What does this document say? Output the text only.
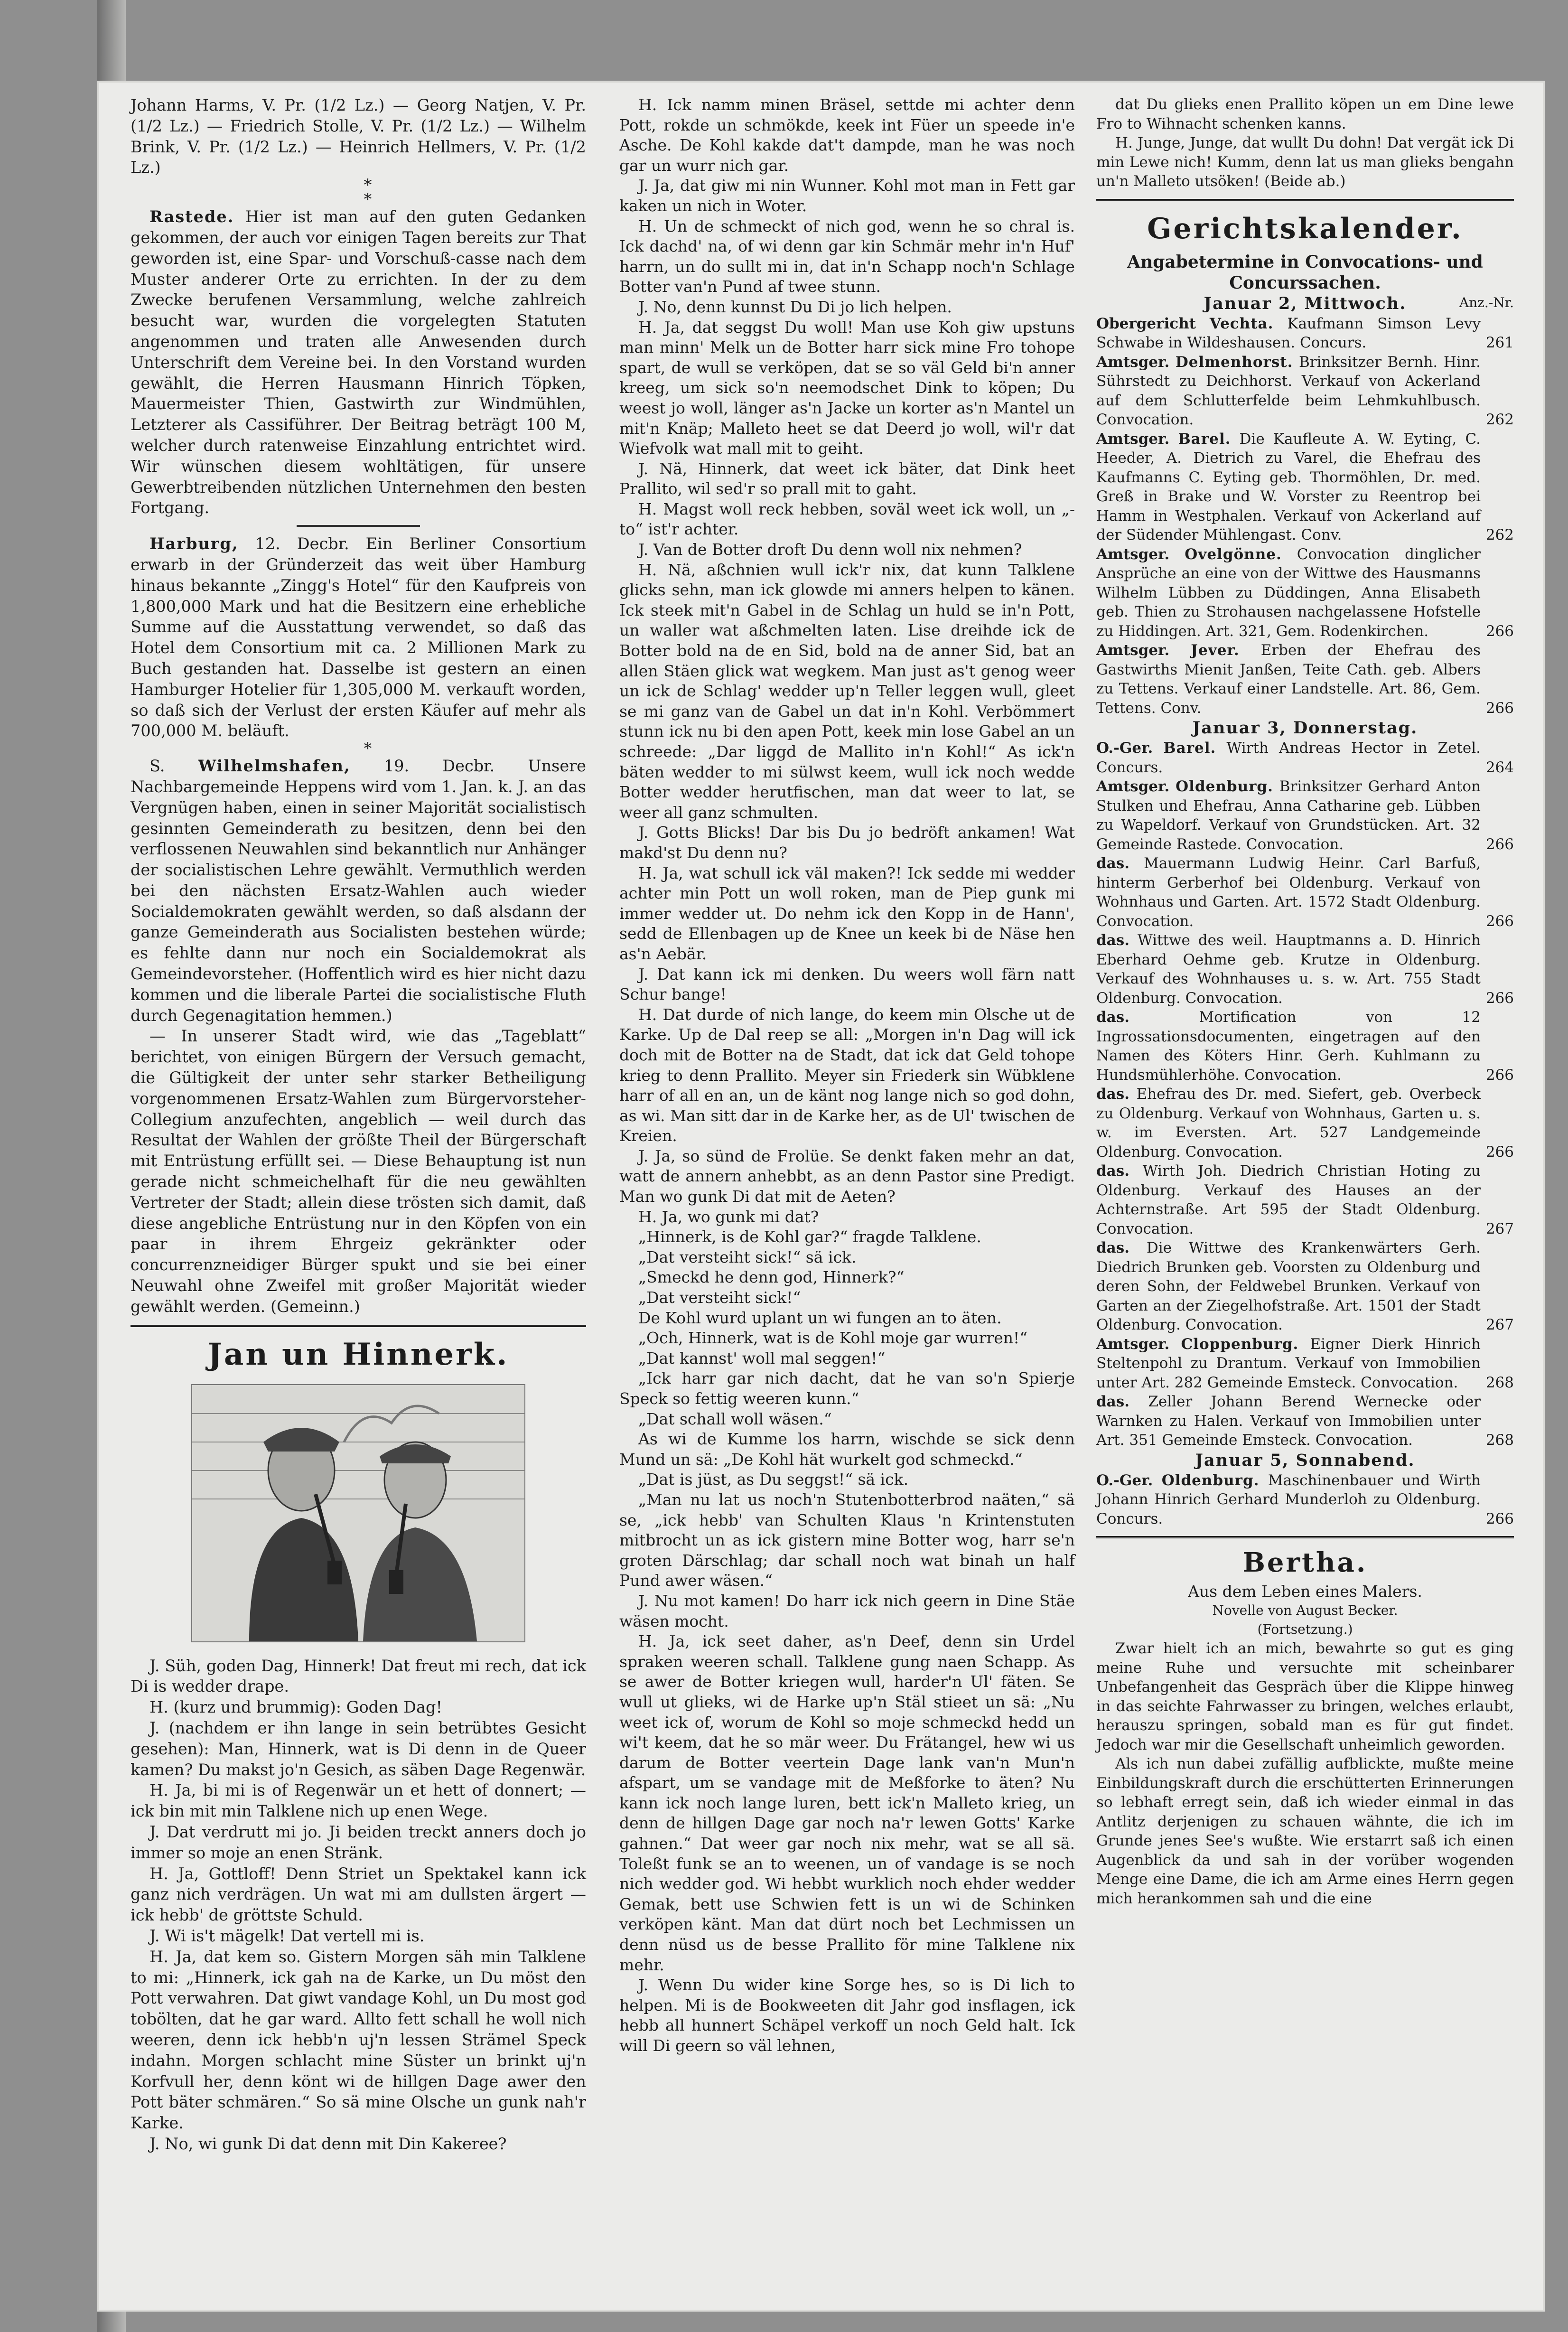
Johann Harms, V. Pr. (1/2 Lz.) — Georg Natjen, V. Pr. (1/2 Lz.) — Friedrich Stolle, V. Pr. (1/2 Lz.) — Wilhelm Brink, V. Pr. (1/2 Lz.) — Heinrich Hellmers, V. Pr. (1/2 Lz.)

*

*

Rastede. Hier ist man auf den guten Gedanken gekommen, der auch vor einigen Tagen bereits zur That geworden ist, eine Spar- und Vorschuß-casse nach dem Muster anderer Orte zu errichten. In der zu dem Zwecke berufenen Versammlung, welche zahlreich besucht war, wurden die vorgelegten Statuten angenommen und traten alle Anwesenden durch Unterschrift dem Vereine bei. In den Vorstand wurden gewählt, die Herren Hausmann Hinrich Töpken, Mauermeister Thien, Gastwirth zur Windmühlen, Letzterer als Cassiführer. Der Beitrag beträgt 100 M, welcher durch ratenweise Einzahlung entrichtet wird. Wir wünschen diesem wohltätigen, für unsere Gewerbtreibenden nützlichen Unternehmen den besten Fortgang.

Harburg, 12. Decbr. Ein Berliner Consortium erwarb in der Gründerzeit das weit über Hamburg hinaus bekannte „Zingg's Hotel“ für den Kaufpreis von 1,800,000 Mark und hat die Besitzern eine erhebliche Summe auf die Ausstattung verwendet, so daß das Hotel dem Consortium mit ca. 2 Millionen Mark zu Buch gestanden hat. Dasselbe ist gestern an einen Hamburger Hotelier für 1,305,000 M. verkauft worden, so daß sich der Verlust der ersten Käufer auf mehr als 700,000 M. beläuft.

*

S. Wilhelmshafen, 19. Decbr. Unsere Nachbargemeinde Heppens wird vom 1. Jan. k. J. an das Vergnügen haben, einen in seiner Majorität socialistisch gesinnten Gemeinderath zu besitzen, denn bei den verflossenen Neuwahlen sind bekanntlich nur Anhänger der socialistischen Lehre gewählt. Vermuthlich werden bei den nächsten Ersatz-Wahlen auch wieder Socialdemokraten gewählt werden, so daß alsdann der ganze Gemeinderath aus Socialisten bestehen würde; es fehlte dann nur noch ein Socialdemokrat als Gemeindevorsteher. (Hoffentlich wird es hier nicht dazu kommen und die liberale Partei die socialistische Fluth durch Gegenagitation hemmen.)

— In unserer Stadt wird, wie das „Tageblatt“ berichtet, von einigen Bürgern der Versuch gemacht, die Gültigkeit der unter sehr starker Betheiligung vorgenommenen Ersatz-Wahlen zum Bürgervorsteher-Collegium anzufechten, angeblich — weil durch das Resultat der Wahlen der größte Theil der Bürgerschaft mit Entrüstung erfüllt sei. — Diese Behauptung ist nun gerade nicht schmeichelhaft für die neu gewählten Vertreter der Stadt; allein diese trösten sich damit, daß diese angebliche Entrüstung nur in den Köpfen von ein paar in ihrem Ehrgeiz gekränkter oder concurrenzneidiger Bürger spukt und sie bei einer Neuwahl ohne Zweifel mit großer Majorität wieder gewählt werden. (Gemeinn.)

Jan un Hinnerk.

J. Süh, goden Dag, Hinnerk! Dat freut mi rech, dat ick Di is wedder drape.

H. (kurz und brummig): Goden Dag!

J. (nachdem er ihn lange in sein betrübtes Gesicht gesehen): Man, Hinnerk, wat is Di denn in de Queer kamen? Du makst jo'n Gesich, as säben Dage Regenwär.

H. Ja, bi mi is of Regenwär un et hett of donnert; — ick bin mit min Talklene nich up enen Wege.

J. Dat verdrutt mi jo. Ji beiden treckt anners doch jo immer so moje an enen Stränk.

H. Ja, Gottloff! Denn Striet un Spektakel kann ick ganz nich verdrägen. Un wat mi am dullsten ärgert — ick hebb' de gröttste Schuld.

J. Wi is't mägelk! Dat vertell mi is.

H. Ja, dat kem so. Gistern Morgen säh min Talklene to mi: „Hinnerk, ick gah na de Karke, un Du möst den Pott verwahren. Dat giwt vandage Kohl, un Du most god tobölten, dat he gar ward. Allto fett schall he woll nich weeren, denn ick hebb'n uj'n lessen Strämel Speck indahn. Morgen schlacht mine Süster un brinkt uj'n Korfvull her, denn könt wi de hillgen Dage awer den Pott bäter schmären.“ So sä mine Olsche un gunk nah'r Karke.

J. No, wi gunk Di dat denn mit Din Kakeree?

H. Ick namm minen Bräsel, settde mi achter denn Pott, rokde un schmökde, keek int Füer un speede in'e Asche. De Kohl kakde dat't dampde, man he was noch gar un wurr nich gar.

J. Ja, dat giw mi nin Wunner. Kohl mot man in Fett gar kaken un nich in Woter.

H. Un de schmeckt of nich god, wenn he so chral is. Ick dachd' na, of wi denn gar kin Schmär mehr in'n Huf' harrn, un do sullt mi in, dat in'n Schapp noch'n Schlage Botter van'n Pund af twee stunn.

J. No, denn kunnst Du Di jo lich helpen.

H. Ja, dat seggst Du woll! Man use Koh giw upstuns man minn' Melk un de Botter harr sick mine Fro tohope spart, de wull se verköpen, dat se so väl Geld bi'n anner kreeg, um sick so'n neemodschet Dink to köpen; Du weest jo woll, länger as'n Jacke un korter as'n Mantel un mit'n Knäp; Malleto heet se dat Deerd jo woll, wil'r dat Wiefvolk wat mall mit to geiht.

J. Nä, Hinnerk, dat weet ick bäter, dat Dink heet Prallito, wil sed'r so prall mit to gaht.

H. Magst woll reck hebben, soväl weet ick woll, un „-to“ ist'r achter.

J. Van de Botter droft Du denn woll nix nehmen?

H. Nä, aßchnien wull ick'r nix, dat kunn Talklene glicks sehn, man ick glowde mi anners helpen to känen. Ick steek mit'n Gabel in de Schlag un huld se in'n Pott, un waller wat aßchmelten laten. Lise dreihde ick de Botter bold na de en Sid, bold na de anner Sid, bat an allen Stäen glick wat wegkem. Man just as't genog weer un ick de Schlag' wedder up'n Teller leggen wull, gleet se mi ganz van de Gabel un dat in'n Kohl. Verbömmert stunn ick nu bi den apen Pott, keek min lose Gabel an un schreede: „Dar liggd de Mallito in'n Kohl!“ As ick'n bäten wedder to mi sülwst keem, wull ick noch wedde Botter wedder herutfischen, man dat weer to lat, se weer all ganz schmulten.

J. Gotts Blicks! Dar bis Du jo bedröft ankamen! Wat makd'st Du denn nu?

H. Ja, wat schull ick väl maken?! Ick sedde mi wedder achter min Pott un woll roken, man de Piep gunk mi immer wedder ut. Do nehm ick den Kopp in de Hann', sedd de Ellenbagen up de Knee un keek bi de Näse hen as'n Aebär.

J. Dat kann ick mi denken. Du weers woll färn natt Schur bange!

H. Dat durde of nich lange, do keem min Olsche ut de Karke. Up de Dal reep se all: „Morgen in'n Dag will ick doch mit de Botter na de Stadt, dat ick dat Geld tohope krieg to denn Prallito. Meyer sin Friederk sin Wübklene harr of all en an, un de känt nog lange nich so god dohn, as wi. Man sitt dar in de Karke her, as de Ul' twischen de Kreien.

J. Ja, so sünd de Frolüe. Se denkt faken mehr an dat, watt de annern anhebbt, as an denn Pastor sine Predigt. Man wo gunk Di dat mit de Aeten?

H. Ja, wo gunk mi dat?

„Hinnerk, is de Kohl gar?“ fragde Talklene.

„Dat versteiht sick!“ sä ick.

„Smeckd he denn god, Hinnerk?“

„Dat versteiht sick!“

De Kohl wurd uplant un wi fungen an to äten.

„Och, Hinnerk, wat is de Kohl moje gar wurren!“

„Dat kannst' woll mal seggen!“

„Ick harr gar nich dacht, dat he van so'n Spierje Speck so fettig weeren kunn.“

„Dat schall woll wäsen.“

As wi de Kumme los harrn, wischde se sick denn Mund un sä: „De Kohl hät wurkelt god schmeckd.“

„Dat is jüst, as Du seggst!“ sä ick.

„Man nu lat us noch'n Stutenbotterbrod naäten,“ sä se, „ick hebb' van Schulten Klaus 'n Krintenstuten mitbrocht un as ick gistern mine Botter wog, harr se'n groten Därschlag; dar schall noch wat binah un half Pund awer wäsen.“

J. Nu mot kamen! Do harr ick nich geern in Dine Stäe wäsen mocht.

H. Ja, ick seet daher, as'n Deef, denn sin Urdel spraken weeren schall. Talklene gung naen Schapp. As se awer de Botter kriegen wull, harder'n Ul' fäten. Se wull ut glieks, wi de Harke up'n Stäl stieet un sä: „Nu weet ick of, worum de Kohl so moje schmeckd hedd un wi't keem, dat he so mär weer. Du Frätangel, hew wi us darum de Botter veertein Dage lank van'n Mun'n afspart, um se vandage mit de Meßforke to äten? Nu kann ick noch lange luren, bett ick'n Malleto krieg, un denn de hillgen Dage gar noch na'r lewen Gotts' Karke gahnen.“ Dat weer gar noch nix mehr, wat se all sä. Toleßt funk se an to weenen, un of vandage is se noch nich wedder god. Wi hebbt wurklich noch ehder wedder Gemak, bett use Schwien fett is un wi de Schinken verköpen känt. Man dat dürt noch bet Lechmissen un denn nüsd us de besse Prallito för mine Talklene nix mehr.

J. Wenn Du wider kine Sorge hes, so is Di lich to helpen. Mi is de Bookweeten dit Jahr god insflagen, ick hebb all hunnert Schäpel verkoff un noch Geld halt. Ick will Di geern so väl lehnen,

dat Du glieks enen Prallito köpen un em Dine lewe Fro to Wihnacht schenken kanns.

H. Junge, Junge, dat wullt Du dohn! Dat vergät ick Di min Lewe nich! Kumm, denn lat us man glieks bengahn un'n Malleto utsöken! (Beide ab.)

Gerichtskalender.
Angabetermine in Convocations- und Concurssachen.
Januar 2, Mittwoch.	Anz.-Nr.

Obergericht Vechta. Kaufmann Simson Levy Schwabe in Wildeshausen. Concurs.	261

Amtsger. Delmenhorst. Brinksitzer Bernh. Hinr. Sührstedt zu Deichhorst. Verkauf von Ackerland auf dem Schlutterfelde beim Lehmkuhlbusch. Convocation.	262

Amtsger. Barel. Die Kaufleute A. W. Eyting, C. Heeder, A. Dietrich zu Varel, die Ehefrau des Kaufmanns C. Eyting geb. Thormöhlen, Dr. med. Greß in Brake und W. Vorster zu Reentrop bei Hamm in Westphalen. Verkauf von Ackerland auf der Südender Mühlengast. Conv.	262

Amtsger. Ovelgönne. Convocation dinglicher Ansprüche an eine von der Wittwe des Hausmanns Wilhelm Lübben zu Düddingen, Anna Elisabeth geb. Thien zu Strohausen nachgelassene Hofstelle zu Hiddingen. Art. 321, Gem. Rodenkirchen.	266

Amtsger. Jever. Erben der Ehefrau des Gastwirths Mienit Janßen, Teite Cath. geb. Albers zu Tettens. Verkauf einer Landstelle. Art. 86, Gem. Tettens. Conv.	266

Januar 3, Donnerstag.

O.-Ger. Barel. Wirth Andreas Hector in Zetel. Concurs.	264

Amtsger. Oldenburg. Brinksitzer Gerhard Anton Stulken und Ehefrau, Anna Catharine geb. Lübben zu Wapeldorf. Verkauf von Grundstücken. Art. 32 Gemeinde Rastede. Convocation.	266

das. Mauermann Ludwig Heinr. Carl Barfuß, hinterm Gerberhof bei Oldenburg. Verkauf von Wohnhaus und Garten. Art. 1572 Stadt Oldenburg. Convocation.	266

das. Wittwe des weil. Hauptmanns a. D. Hinrich Eberhard Oehme geb. Krutze in Oldenburg. Verkauf des Wohnhauses u. s. w. Art. 755 Stadt Oldenburg. Convocation.	266

das.	Mortification von 12 Ingrossationsdocumenten, eingetragen auf den Namen des Köters Hinr. Gerh. Kuhlmann zu Hundsmühlerhöhe. Convocation.	266

das. Ehefrau des Dr. med. Siefert, geb. Overbeck zu Oldenburg. Verkauf von Wohnhaus, Garten u. s. w. im Eversten. Art. 527 Landgemeinde Oldenburg. Convocation.	266

das. Wirth Joh. Diedrich Christian Hoting zu Oldenburg. Verkauf des Hauses an der Achternstraße. Art 595 der Stadt Oldenburg. Convocation.	267

das. Die Wittwe des Krankenwärters Gerh. Diedrich Brunken geb. Voorsten zu Oldenburg und deren Sohn, der Feldwebel Brunken. Verkauf von Garten an der Ziegelhofstraße. Art. 1501 der Stadt Oldenburg. Convocation.	267

Amtsger. Cloppenburg. Eigner Dierk Hinrich Steltenpohl zu Drantum. Verkauf von Immobilien unter Art. 282 Gemeinde Emsteck. Convocation. 268

das. Zeller Johann Berend Wernecke oder Warnken zu Halen. Verkauf von Immobilien unter Art. 351 Gemeinde Emsteck. Convocation.	268

Januar 5, Sonnabend.

O.-Ger. Oldenburg. Maschinenbauer und Wirth Johann Hinrich Gerhard Munderloh zu Oldenburg. Concurs.	266

Bertha.
Aus dem Leben eines Malers.
Novelle von August Becker.
(Fortsetzung.)

Zwar hielt ich an mich, bewahrte so gut es ging meine Ruhe und versuchte mit scheinbarer Unbefangenheit das Gespräch über die Klippe hinweg in das seichte Fahrwasser zu bringen, welches erlaubt, herauszu springen, sobald man es für gut findet. Jedoch war mir die Gesellschaft unheimlich geworden.

Als ich nun dabei zufällig aufblickte, mußte meine Einbildungskraft durch die erschütterten Erinnerungen so lebhaft erregt sein, daß ich wieder einmal in das Antlitz derjenigen zu schauen wähnte, die ich im Grunde jenes See's wußte. Wie erstarrt saß ich einen Augenblick da und sah in der vorüber wogenden Menge eine Dame, die ich am Arme eines Herrn gegen mich herankommen sah und die eine
